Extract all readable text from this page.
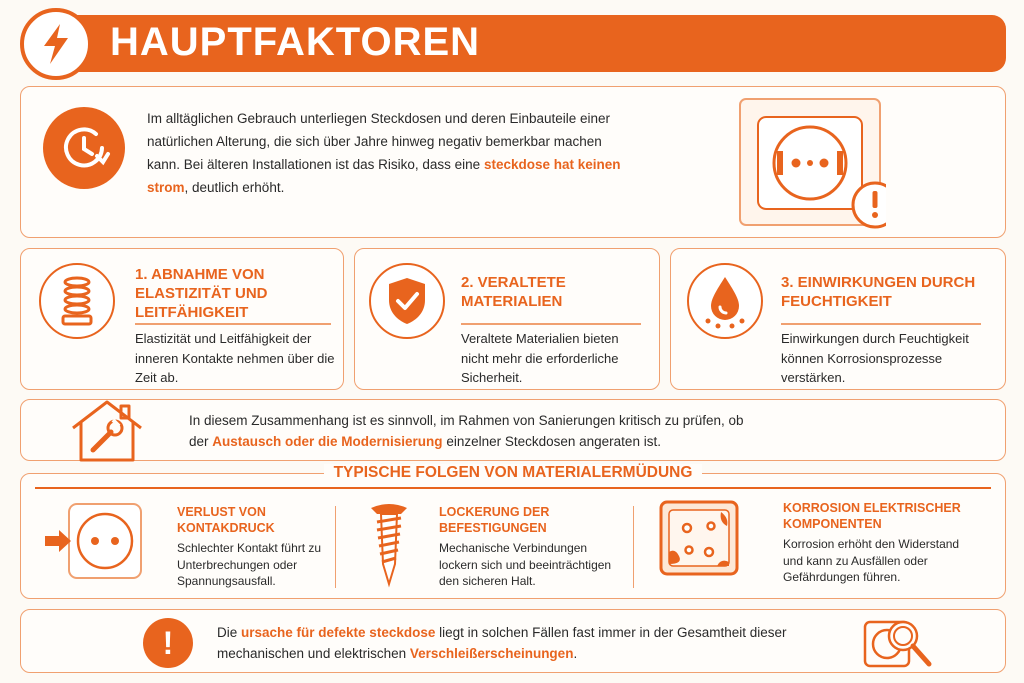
HAUPTFAKTOREN

Im alltäglichen Gebrauch unterliegen Steckdosen und deren Einbauteile einer natürlichen Alterung, die sich über Jahre hinweg negativ bemerkbar machen kann. Bei älteren Installationen ist das Risiko, dass eine steckdose hat keinen strom, deutlich erhöht.

1. ABNAHME VON ELASTIZITÄT UND LEITFÄHIGKEIT

Elastizität und Leitfähigkeit der inneren Kontakte nehmen über die Zeit ab.

2. VERALTETE MATERIALIEN

Veraltete Materialien bieten nicht mehr die erforderliche Sicherheit.

3. EINWIRKUNGEN DURCH FEUCHTIGKEIT

Einwirkungen durch Feuchtigkeit können Korrosionsprozesse verstärken.

In diesem Zusammenhang ist es sinnvoll, im Rahmen von Sanierungen kritisch zu prüfen, ob der Austausch oder die Modernisierung einzelner Steckdosen angeraten ist.

TYPISCHE FOLGEN VON MATERIALERMÜDUNG
VERLUST VON KONTAKDRUCK

Schlechter Kontakt führt zu Unterbrechungen oder Spannungsausfall.

LOCKERUNG DER BEFESTIGUNGEN

Mechanische Verbindungen lockern sich und beeinträchtigen den sicheren Halt.

KORROSION ELEKTRISCHER KOMPONENTEN

Korrosion erhöht den Widerstand und kann zu Ausfällen oder Gefährdungen führen.

!	Die ursache für defekte steckdose liegt in solchen Fällen fast immer in der Gesamtheit dieser mechanischen und elektrischen Verschleißerscheinungen.
